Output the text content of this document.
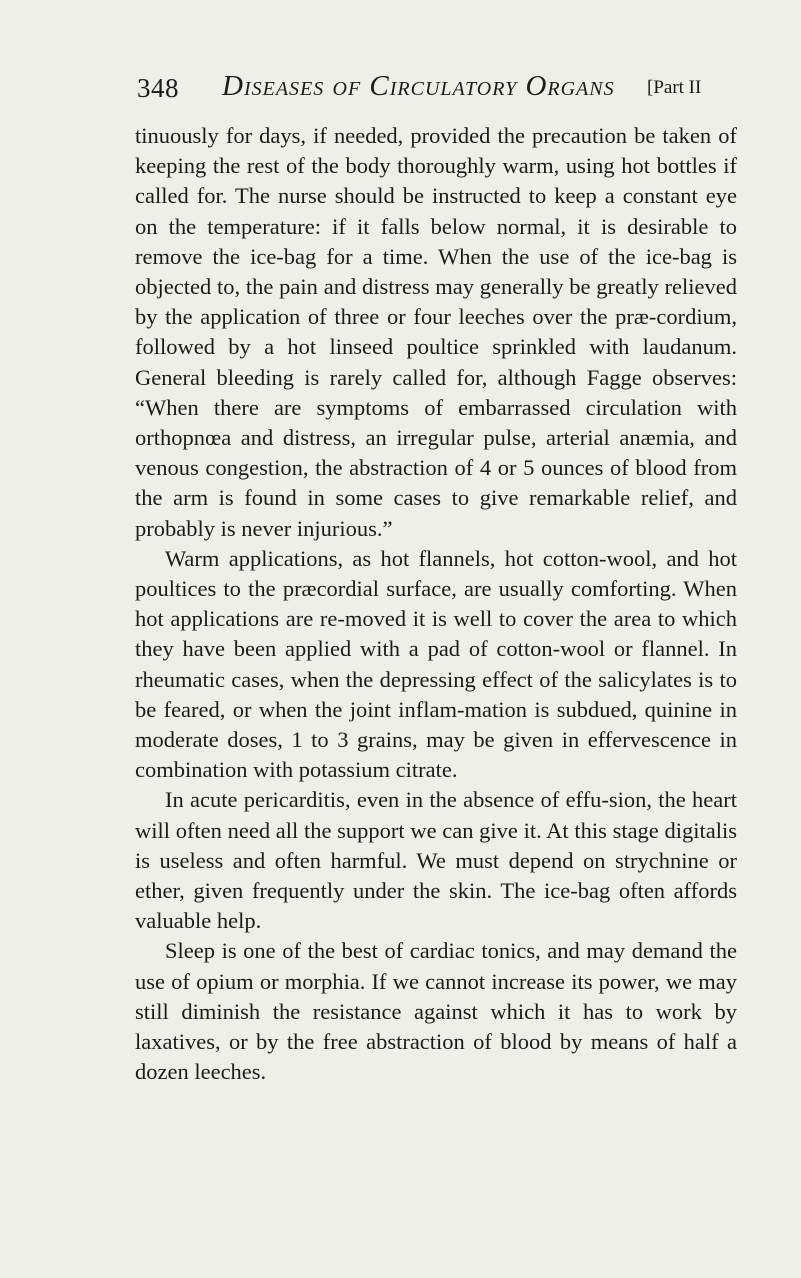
348 Diseases of Circulatory Organs [Part II

tinuously for days, if needed, provided the precaution be taken of keeping the rest of the body thoroughly warm, using hot bottles if called for. The nurse should be instructed to keep a constant eye on the temperature: if it falls below normal, it is desirable to remove the ice-bag for a time. When the use of the ice-bag is objected to, the pain and distress may generally be greatly relieved by the application of three or four leeches over the præ-cordium, followed by a hot linseed poultice sprinkled with laudanum. General bleeding is rarely called for, although Fagge observes: “When there are symptoms of embarrassed circulation with orthopnœa and distress, an irregular pulse, arterial anæmia, and venous congestion, the abstraction of 4 or 5 ounces of blood from the arm is found in some cases to give remarkable relief, and probably is never injurious.”

Warm applications, as hot flannels, hot cotton-wool, and hot poultices to the præcordial surface, are usually comforting. When hot applications are re-moved it is well to cover the area to which they have been applied with a pad of cotton-wool or flannel. In rheumatic cases, when the depressing effect of the salicylates is to be feared, or when the joint inflam-mation is subdued, quinine in moderate doses, 1 to 3 grains, may be given in effervescence in combination with potassium citrate.

In acute pericarditis, even in the absence of effu-sion, the heart will often need all the support we can give it. At this stage digitalis is useless and often harmful. We must depend on strychnine or ether, given frequently under the skin. The ice-bag often affords valuable help.

Sleep is one of the best of cardiac tonics, and may demand the use of opium or morphia. If we cannot increase its power, we may still diminish the resistance against which it has to work by laxatives, or by the free abstraction of blood by means of half a dozen leeches.
